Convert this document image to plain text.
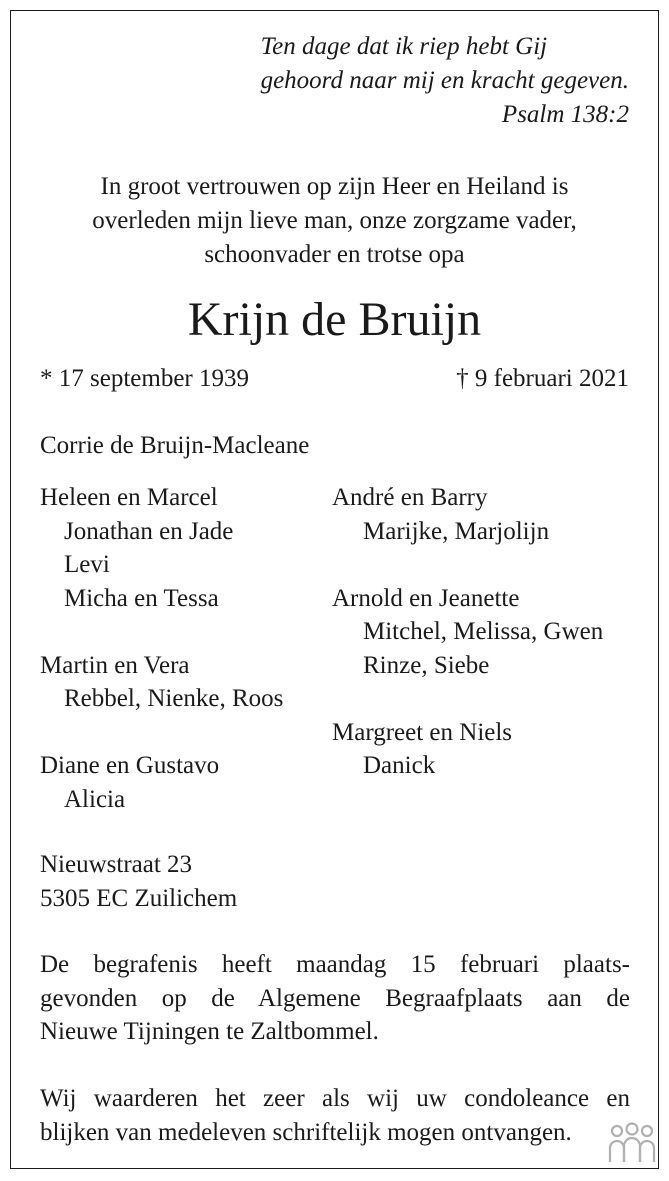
Ten dage dat ik riep hebt Gij
gehoord naar mij en kracht gegeven.
Psalm 138:2
In groot vertrouwen op zijn Heer en Heiland is
overleden mijn lieve man, onze zorgzame vader,
schoonvader en trotse opa
Krijn de Bruijn
* 17 september 1939	† 9 februari 2021
Corrie de Bruijn-Macleane
Heleen en Marcel
Jonathan en Jade
Levi
Micha en Tessa
Martin en Vera
Rebbel, Nienke, Roos
Diane en Gustavo
Alicia
André en Barry
Marijke, Marjolijn
Arnold en Jeanette
Mitchel, Melissa, Gwen
Rinze, Siebe
Margreet en Niels
Danick
Nieuwstraat 23
5305 EC Zuilichem
De begrafenis heeft maandag 15 februari plaats-
gevonden op de Algemene Begraafplaats aan de
Nieuwe Tijningen te Zaltbommel.
Wij waarderen het zeer als wij uw condoleance en
blijken van medeleven schriftelijk mogen ontvangen.
